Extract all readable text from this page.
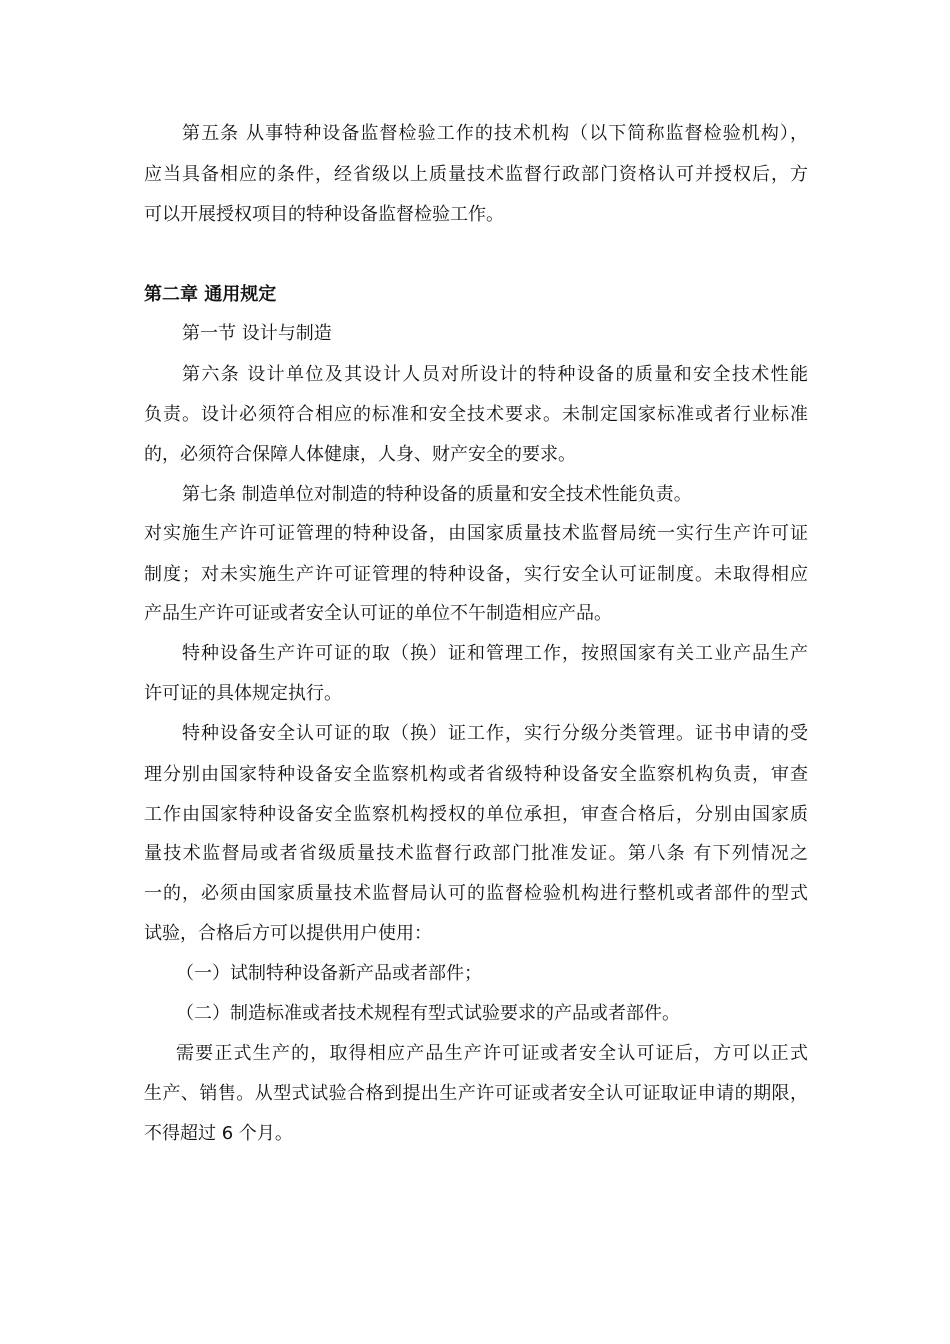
第五条 从事特种设备监督检验工作的技术机构（以下简称监督检验机构），
应当具备相应的条件，经省级以上质量技术监督行政部门资格认可并授权后，方
可以开展授权项目的特种设备监督检验工作。
第二章 通用规定
第一节 设计与制造
第六条 设计单位及其设计人员对所设计的特种设备的质量和安全技术性能
负责。设计必须符合相应的标准和安全技术要求。未制定国家标准或者行业标准
的，必须符合保障人体健康，人身、财产安全的要求。
第七条 制造单位对制造的特种设备的质量和安全技术性能负责。
对实施生产许可证管理的特种设备，由国家质量技术监督局统一实行生产许可证
制度；对未实施生产许可证管理的特种设备，实行安全认可证制度。未取得相应
产品生产许可证或者安全认可证的单位不午制造相应产品。
特种设备生产许可证的取（换）证和管理工作，按照国家有关工业产品生产
许可证的具体规定执行。
特种设备安全认可证的取（换）证工作，实行分级分类管理。证书申请的受
理分别由国家特种设备安全监察机构或者省级特种设备安全监察机构负责，审查
工作由国家特种设备安全监察机构授权的单位承担，审查合格后，分别由国家质
量技术监督局或者省级质量技术监督行政部门批准发证。第八条 有下列情况之
一的，必须由国家质量技术监督局认可的监督检验机构进行整机或者部件的型式
试验，合格后方可以提供用户使用：
（一）试制特种设备新产品或者部件；
（二）制造标准或者技术规程有型式试验要求的产品或者部件。
需要正式生产的，取得相应产品生产许可证或者安全认可证后，方可以正式
生产、销售。从型式试验合格到提出生产许可证或者安全认可证取证申请的期限，
不得超过 6 个月。
